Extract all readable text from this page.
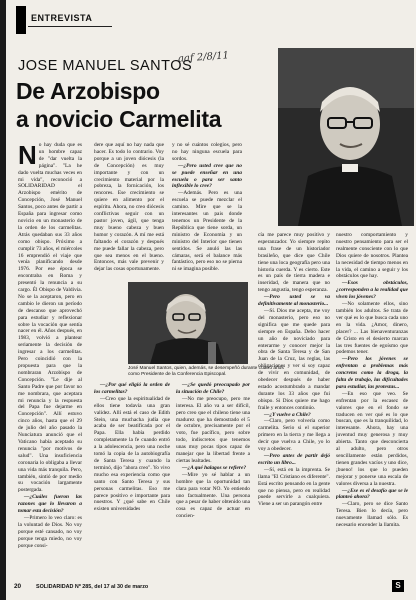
ENTREVISTA
JOSE MANUEL SANTOS
aaf 2/8/11
De Arzobispo
a novicio Carmelita
José Manuel Santos, quien, además, se desempeñó durante cuatro años como Presidente de la Conferencia Episcopal.

No hay duda que es un hombre capaz de "dar vuelta la página". "La he dado vuelta muchas veces en mi vida", reconoció a SOLIDARIDAD el Arzobispo emérito de Concepción, José Manuel Santos, poco antes de partir a España para ingresar como novicio en un monasterio de la orden de los carmelitas. Atrás quedaban sus 33 años como obispo. Próximo a cumplir 73 años, el miércoles 16 emprendió el viaje que venía planificando desde 1976. Por ese época se encontraba en Roma y presentó la renuncia a su cargo. Él Obispo de Valdivia. No se la aceptaron, pero en cambio le dieron un período de descanso que aprovechó para estudiar y reflexionar sobre la vocación que sentía nacer en él. Años después, en 1983, volvió a plantear seriamente la decisión de ingresar a los carmelitas. Pero coincidió con la propuesta para que la nombraran Arzobispo de Concepción. "Le dije al Santo Padre que por favor no me nombrara, que aceptara mi renuncia y la respuesta del Papa fue dejarme en Concepción". Allí estuvo cinco años, hasta que el 29 de julio del año pasado la Nunciatura anunció que el Vaticano había aceptado su renuncia "por motivos de salud". Una insuficiencia coronaria lo obligaba a llevar una vida más tranquila. Pero, también, sintió de por medio su vocación largamente postergada.

—¿Cuáles fueron las razones que lo llevaron a tomar esta decisión?

—Primero lo veo claro: es la voluntad de Dios. No voy porque esté cansado, no voy porque tenga miedo, no voy porque consi-

dere que aquí no hay nada que hacer. Es todo lo contrario. Voy porque a un joven diócesis (la de Concepción) es muy importante y con un crecimiento material por la pobreza, la fornicación, los rencores. Ese crecimiento se quiere en alimento por el espíritu. Ahora, no creo diócesis conflictivas seguir con un pastor joven, ágil, que tenga muy bueno cabeza y buen humor y corazón. A mí me está faltando el corazón y después me puede fallar la cabeza, pero que sea menos en el bueno. Entonces, más vale prevenir y dejar las cosas oportunamente.

y no sé cuántos colegios, pero no hay ninguna escuela para sordos.

—¿Pero usted cree que no se puede enseñar en una escuela o para ser santo inflexible lo cree?

—Además. Pero es una escuela se puede mezclar el camino. Mire que se la interesantes un pais donde tenemos un Presidente de la República que tiene sorda, un ministro de Economía y un ministro del Interior que tienen sentidos. Se anuló las las cámaras, será el balance más fantástico, pero eso no se pierna ni se imagina posible.

—¿Por qué eligió la orden de los carmelitas?

—Creo que la espiritualidad de ellos tiene todavía una gran validez. Allí está el caso de Edith Stein, una muchacha judía que acaba de ser beatificada por el Papa. Ella había perdido completamente la fe cuando entró a la adolescencia, pero una noche tomó la copia de la autobiografía de Santa Teresa y cuando la terminó, dijo "ahora creo". Yo vivo mucho esa experiencia como que santo con Santo Teresa y sus personas carmelitas. Eso me parece positivo e importante para nuestros. Y ¿qué sabe en Chile existen universidades

—¿Se quedó preocupado por la situación de Chile?

—No me preocupo, pero me interesa. El año va a ser difícil, pero creo que el chileno tiene una madurez que ha demostrado el 5 de octubre, precisamente por el voto, fue pacífico, pero sobre todo, indiscretos que tenemos unas muy pocas tipos capaz de manejar que la libertad frente a ciertas lealtades.

—¿A qué halagos se refiere?

—Mire yo sé hablar a un hombre que la oportunidad tan clara para votar NO. Yo entiendo uno factualmente. Una persona que a pesar de haber obtenido una cosa es capaz de actuar en concien-

cía me parece muy positivo y esperanzador. Yo siempre repito una frase de un historiador brasileño, que dice que Chile tiene una loca geografía pero una historia cuerda. Y es cierto. Este es un país de tierra madera e inseridad, de manera que no tengo angustia, tengo esperanza.

—Pero usted se va definitivamente al monasterio...

—Sí. Dios me acepta, me voy del monasterio, pero eso no significa que me quede para siempre en España. Debo hacer un año de noviciado para enterarme y conocer mejor la obra de Santa Teresa y de San Juan de la Cruz, las reglas, las obligaciones y ver si soy capaz de vivir en comunidad, de obedecer después de haber estado acostumbrado a mandar durante los 33 años que fui obispo. Si Dios quiere me hago fraile y entonces continúo.

—¿Y vuelve a Chile?

—Claro, pero volvería como carmelita. Serio si el superior primero en la tierra y me llega a decir que vuelva a Chile, yo lo voy a obedecer.

—Pero antes de partir dejó escrito un libro...

—Sí, está en la imprenta. Se llama "El Cristiano es diferente". Está escrito pensando en la gente que no piensa, pero en realidad puede servirle a cualquiera. Viene a ser un parangón entre

nuestro comportamiento y nuestro pensamiento para ser el realmente consciente con lo que Dios quiere de nosotros. Plantea la necesidad de tiempo menos en la vida, el camino a seguir y los obstáculos que hay.

—Esos obstáculos, ¿corresponden a la realidad que viven los jóvenes?

—No solamente ellos, sino también los adultos. Se trata de ver qué es lo que busca cada uno en la vida. ¿Amor, dinero, placer? ... Las bienaventuranzas de Cristo en el desierto marcan las tres fuentes de egoísmo que podemos tener.

—Pero los jóvenes se enfrentan a problemas más concretos como la droga, la falta de trabajo, las dificultades para estudiar, las protestas...

—En eso que veo. Se enfrentan por la escasez de valores que en el fondo se traducen en ver qué es lo que buscan, que es la tranquilidad, lo interesante. Ahora, hay una juventud muy generosa y muy abierta. Tanto que desconcierta al adulto, pero otros sencillamente están perdidos, tienen grandes vacíos y uno dice, ¡bueno! los que lo pueden mejorar y ponerse una escala de valores diversa a la nuestra.

—¿Ese es el desafío que se le planteó ahora?

—Claro, pero se dice Santo Teresa. Bien lo decía, pero nuevamente llamad sólo. Es necesario encender la llamita.

20	SOLIDARIDAD Nº 285, del 17 al 30 de marzo	S
